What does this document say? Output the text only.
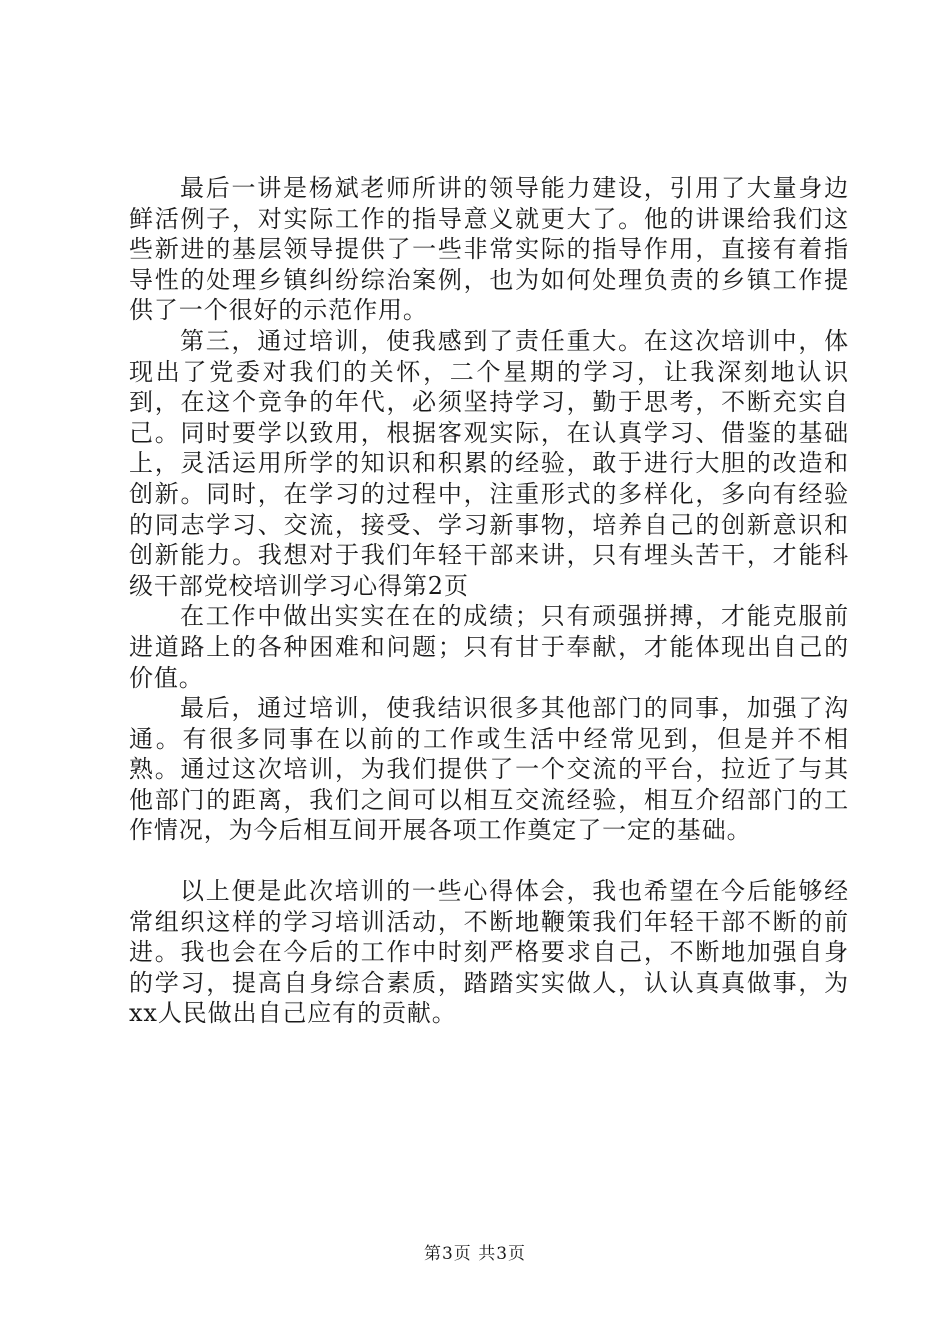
最后一讲是杨斌老师所讲的领导能力建设，引用了大量身边鲜活例子，对实际工作的指导意义就更大了。他的讲课给我们这些新进的基层领导提供了一些非常实际的指导作用，直接有着指导性的处理乡镇纠纷综治案例，也为如何处理负责的乡镇工作提供了一个很好的示范作用。

第三，通过培训，使我感到了责任重大。在这次培训中，体现出了党委对我们的关怀，二个星期的学习，让我深刻地认识到，在这个竞争的年代，必须坚持学习，勤于思考，不断充实自己。同时要学以致用，根据客观实际，在认真学习、借鉴的基础上，灵活运用所学的知识和积累的经验，敢于进行大胆的改造和创新。同时，在学习的过程中，注重形式的多样化，多向有经验的同志学习、交流，接受、学习新事物，培养自己的创新意识和创新能力。我想对于我们年轻干部来讲，只有埋头苦干，才能科级干部党校培训学习心得第2页

在工作中做出实实在在的成绩；只有顽强拼搏，才能克服前进道路上的各种困难和问题；只有甘于奉献，才能体现出自己的价值。

最后，通过培训，使我结识很多其他部门的同事，加强了沟通。有很多同事在以前的工作或生活中经常见到，但是并不相熟。通过这次培训，为我们提供了一个交流的平台，拉近了与其他部门的距离，我们之间可以相互交流经验，相互介绍部门的工作情况，为今后相互间开展各项工作奠定了一定的基础。

以上便是此次培训的一些心得体会，我也希望在今后能够经常组织这样的学习培训活动，不断地鞭策我们年轻干部不断的前进。我也会在今后的工作中时刻严格要求自己，不断地加强自身的学习，提高自身综合素质，踏踏实实做人，认认真真做事，为xx人民做出自己应有的贡献。

第3页 共3页
